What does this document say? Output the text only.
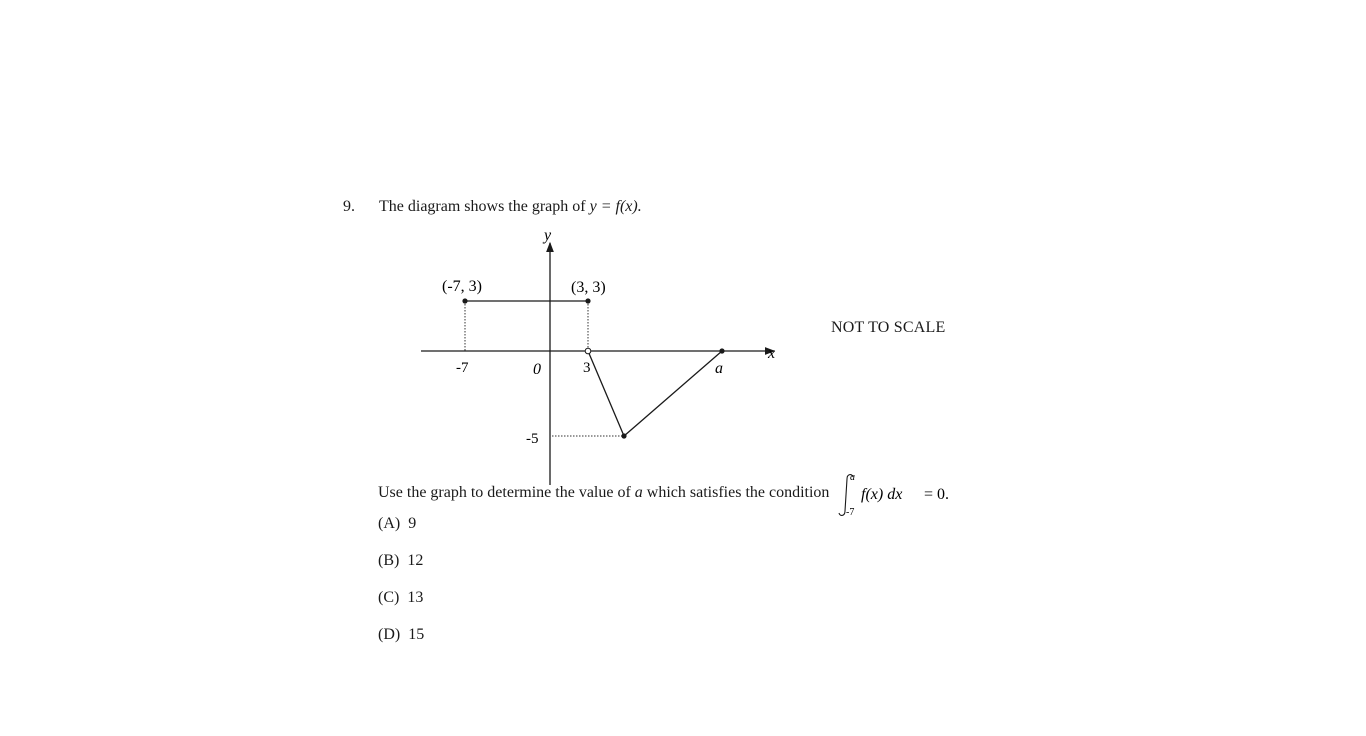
9. The diagram shows the graph of y = f(x).
y
x
(-7, 3)	(3, 3)
-7	0	3	a
-5
NOT TO SCALE
Use the graph to determine the value of a which satisfies the condition
a
-7
f(x) dx = 0.
(A) 9
(B) 12
(C) 13
(D) 15
